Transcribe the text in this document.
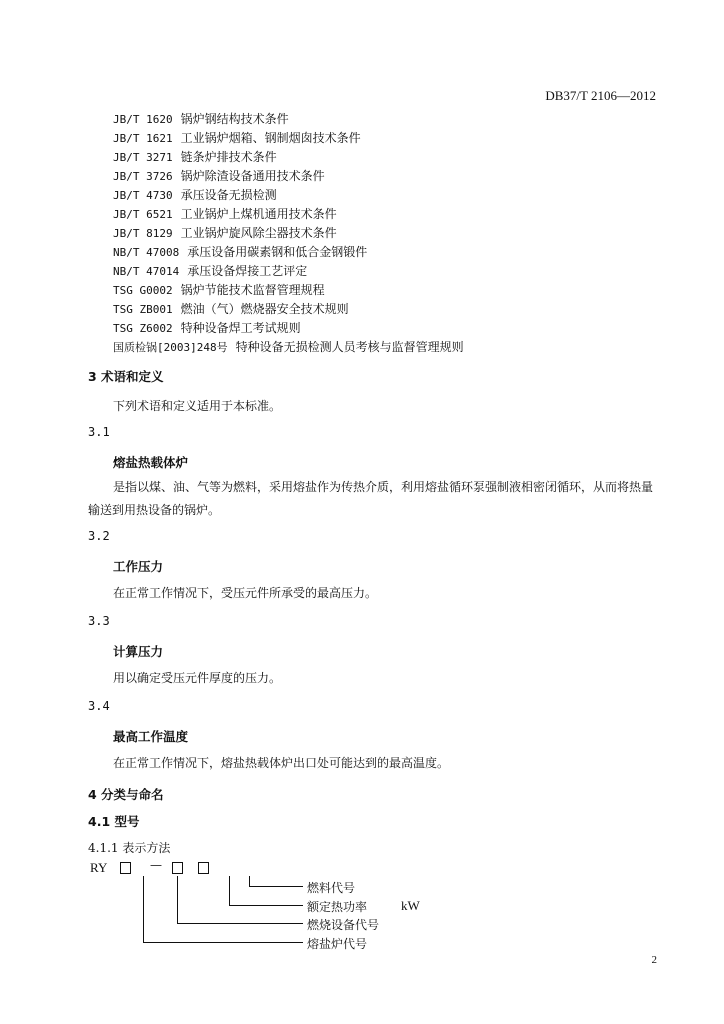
DB37/T 2106—2012
JB/T 1620 锅炉钢结构技术条件
JB/T 1621 工业锅炉烟箱、钢制烟囱技术条件
JB/T 3271 链条炉排技术条件
JB/T 3726 锅炉除渣设备通用技术条件
JB/T 4730 承压设备无损检测
JB/T 6521 工业锅炉上煤机通用技术条件
JB/T 8129 工业锅炉旋风除尘器技术条件
NB/T 47008 承压设备用碳素钢和低合金钢锻件
NB/T 47014 承压设备焊接工艺评定
TSG G0002 锅炉节能技术监督管理规程
TSG ZB001 燃油（气）燃烧器安全技术规则
TSG Z6002 特种设备焊工考试规则
国质检锅[2003]248号 特种设备无损检测人员考核与监督管理规则
3 术语和定义
下列术语和定义适用于本标准。
3.1
熔盐热载体炉
是指以煤、油、气等为燃料，采用熔盐作为传热介质，利用熔盐循环泵强制液相密闭循环，从而将热量输送到用热设备的锅炉。
3.2
工作压力
在正常工作情况下，受压元件所承受的最高压力。
3.3
计算压力
用以确定受压元件厚度的压力。
3.4
最高工作温度
在正常工作情况下，熔盐热载体炉出口处可能达到的最高温度。
4 分类与命名
4.1 型号
4.1.1 表示方法
RY	—
燃料代号
额定热功率	kW
燃烧设备代号
熔盐炉代号
2
